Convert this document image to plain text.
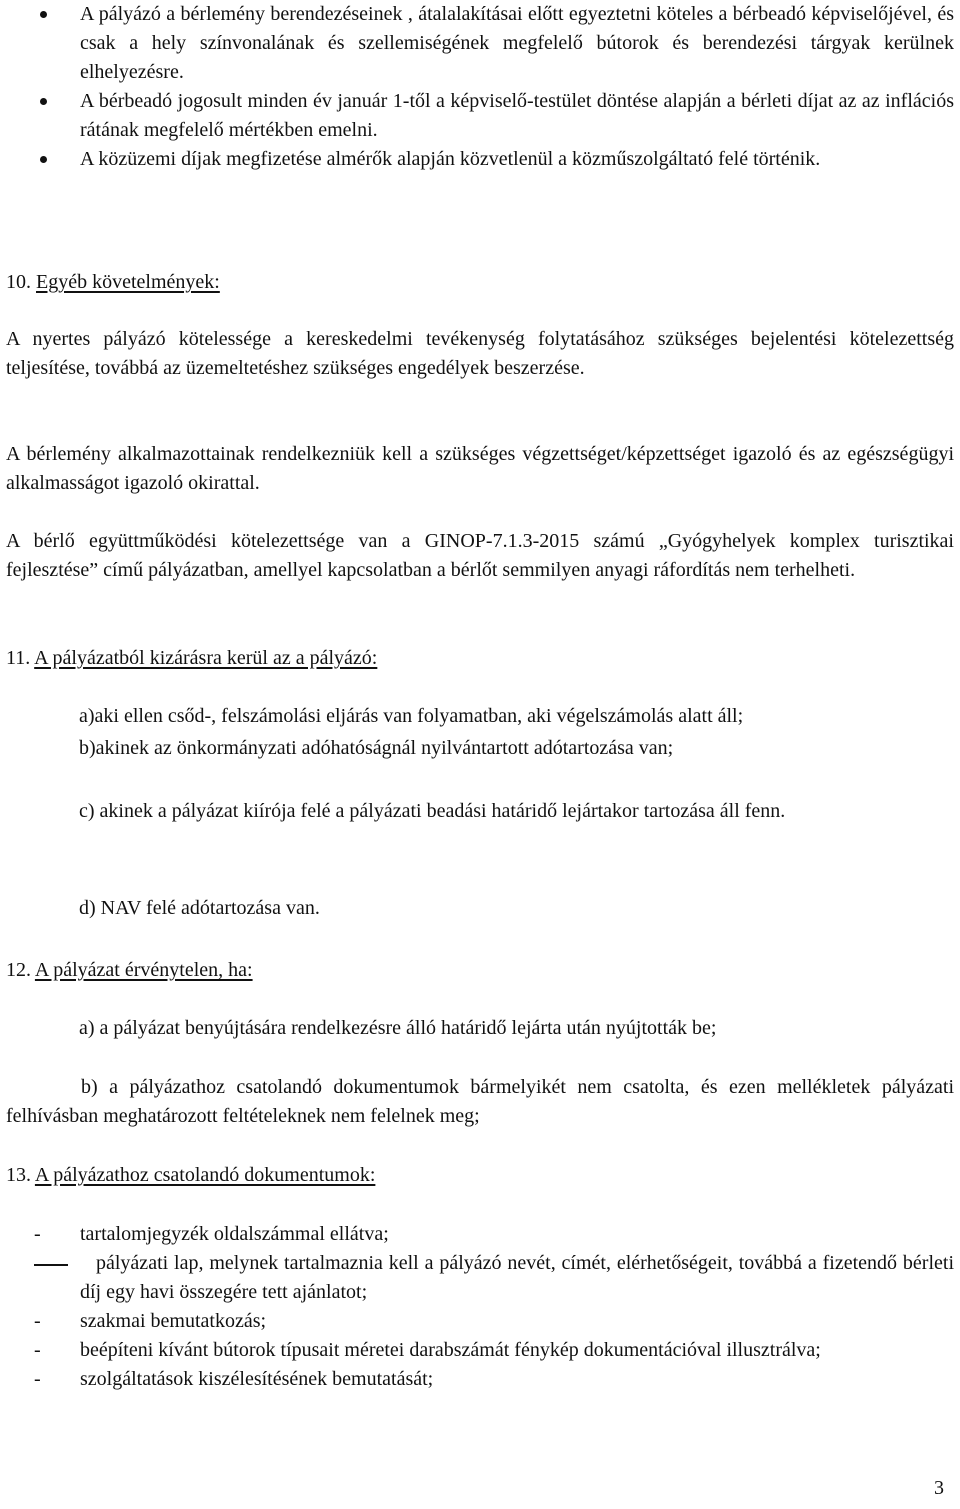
A pályázó a bérlemény berendezéseinek , átalalakításai előtt egyeztetni köteles a bérbeadó képviselőjével, és csak a hely színvonalának és szellemiségének megfelelő bútorok és berendezési tárgyak kerülnek elhelyezésre.

A bérbeadó jogosult minden év január 1-től a képviselő-testület döntése alapján a bérleti díjat az az inflációs rátának megfelelő mértékben emelni.

A közüzemi díjak megfizetése almérők alapján közvetlenül a közműszolgáltató felé történik.

10. Egyéb követelmények:

A nyertes pályázó kötelessége a kereskedelmi tevékenység folytatásához szükséges bejelentési kötelezettség teljesítése, továbbá az üzemeltetéshez szükséges engedélyek beszerzése.

A bérlemény alkalmazottainak rendelkezniük kell a szükséges végzettséget/képzettséget igazoló és az egészségügyi alkalmasságot igazoló okirattal.

A bérlő együttműködési kötelezettsége van a GINOP-7.1.3-2015 számú „Gyógyhelyek komplex turisztikai fejlesztése” című pályázatban, amellyel kapcsolatban a bérlőt semmilyen anyagi ráfordítás nem terhelheti.

11. A pályázatból kizárásra kerül az a pályázó:

a)aki ellen csőd-, felszámolási eljárás van folyamatban, aki végelszámolás alatt áll;

b)akinek az önkormányzati adóhatóságnál nyilvántartott adótartozása van;

c) akinek a pályázat kiírója felé a pályázati beadási határidő lejártakor tartozása áll fenn.

d) NAV felé adótartozása van.

12. A pályázat érvénytelen, ha:

a) a pályázat benyújtására rendelkezésre álló határidő lejárta után nyújtották be;

b) a pályázathoz csatolandó dokumentumok bármelyikét nem csatolta, és ezen mellékletek pályázati felhívásban meghatározott feltételeknek nem felelnek meg;

13. A pályázathoz csatolandó dokumentumok:
- tartalomjegyzék oldalszámmal ellátva;

pályázati lap, melynek tartalmaznia kell a pályázó nevét, címét, elérhetőségeit, továbbá a fizetendő bérleti díj egy havi összegére tett ajánlatot;

- szakmai bemutatkozás;

- beépíteni kívánt bútorok típusait méretei darabszámát fénykép dokumentációval illusztrálva;

- szolgáltatások kiszélesítésének bemutatását;

3
